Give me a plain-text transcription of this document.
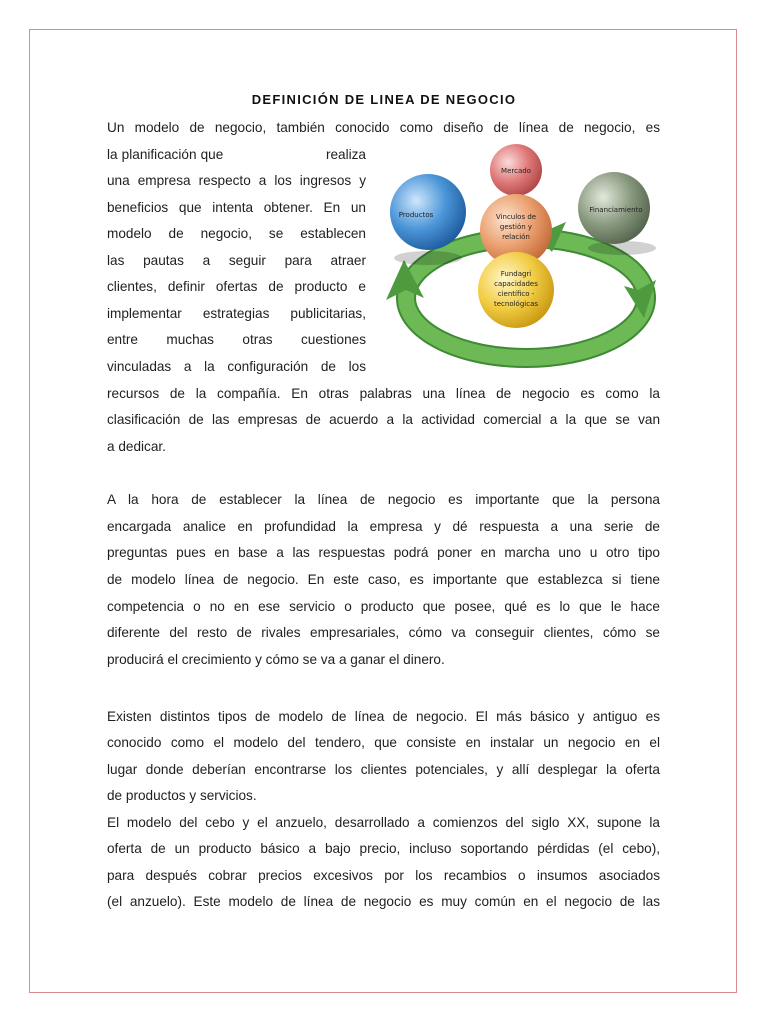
DEFINICIÓN DE LINEA DE NEGOCIO
Un modelo de negocio, también conocido como diseño de línea de negocio, es
la planificación que                         realiza
una empresa respecto a los ingresos y
beneficios que intenta obtener. En un
modelo de negocio, se establecen
las pautas a seguir para atraer
clientes, definir ofertas de producto e
implementar estrategias publicitarias,
entre muchas otras cuestiones
vinculadas a la configuración de los
recursos de la compañía. En otras palabras una línea de negocio es como la
clasificación de las empresas de acuerdo a la actividad comercial a la que se van
a dedicar.
Mercado
Productos
Financiamiento
Vinculos de
gestión y
relación
Fundagri
capacidades
científico -
tecnológicas
A la hora de establecer la línea de negocio es importante que la persona
encargada analice en profundidad la empresa y dé respuesta a una serie de
preguntas pues en base a las respuestas podrá poner en marcha uno u otro tipo
de modelo línea de negocio. En este caso, es importante que establezca si tiene
competencia o no en ese servicio o producto que posee, qué es lo que le hace
diferente del resto de rivales empresariales, cómo va conseguir clientes, cómo se
producirá el crecimiento y cómo se va a ganar el dinero.
Existen distintos tipos de modelo de línea de negocio. El más básico y antiguo es
conocido como el modelo del tendero, que consiste en instalar un negocio en el
lugar donde deberían encontrarse los clientes potenciales, y allí desplegar la oferta
de productos y servicios.
El modelo del cebo y el anzuelo, desarrollado a comienzos del siglo XX, supone la
oferta de un producto básico a bajo precio, incluso soportando pérdidas (el cebo),
para después cobrar precios excesivos por los recambios o insumos asociados
(el anzuelo). Este modelo de línea de negocio es muy común en el negocio de las
